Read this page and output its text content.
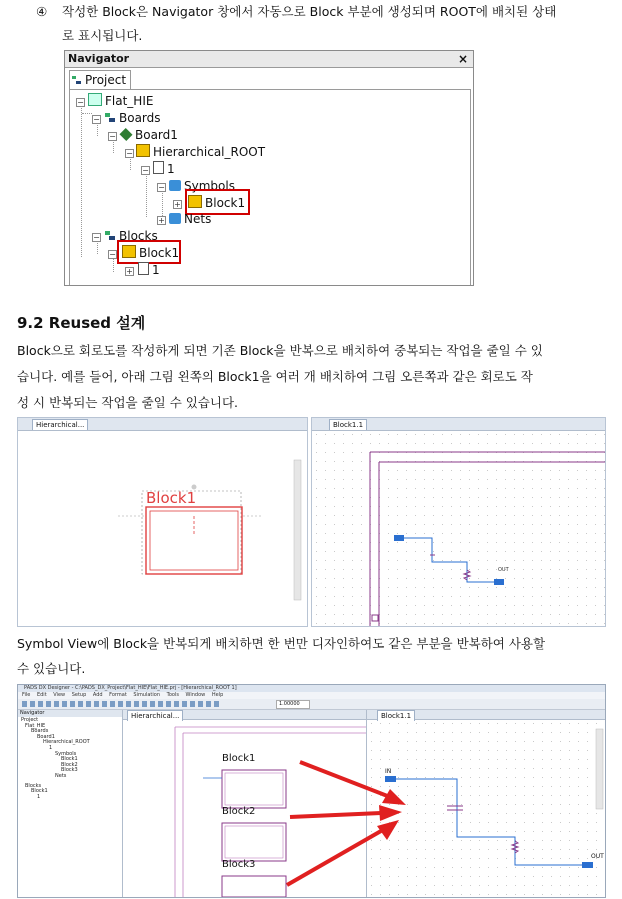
④ 작성한 Block은 Navigator 창에서 자동으로 Block 부분에 생성되며 ROOT에 배치된 상태
로 표시됩니다.
Navigator	×
Project
−	Flat_HIE
−	Boards
−	Board1
−	Hierarchical_ROOT
−	1
−	Symbols
+	Block1
+	Nets
−	Blocks
−	Block1
+	1
9.2 Reused 설계
Block으로 회로도를 작성하게 되면 기존 Block을 반복으로 배치하여 중복되는 작업을 줄일 수 있
습니다. 예를 들어, 아래 그림 왼쪽의 Block1을 여러 개 배치하여 그림 오른쪽과 같은 회로도 작
성 시 반복되는 작업을 줄일 수 있습니다.
Hierarchical...
Block1
Block1.1
OUT
Symbol View에 Block을 반복되게 배치하면 한 번만 디자인하여도 같은 부분을 반복하여 사용할
수 있습니다.
PADS DX Designer - C:\PADS_DX_Project\Flat_HIE\Flat_HIE.prj - [Hierarchical_ROOT 1]
File Edit View Setup Add Format Simulation Tools Window Help
1.00000
Navigator
Project
Flat_HIE
Boards
Board1
Hierarchical_ROOT
1
Symbols
Block1
Block2
Block3
Nets
Blocks
Block1
1
Hierarchical...
Block1
Block2
Block3
Block1.1
IN
OUT
